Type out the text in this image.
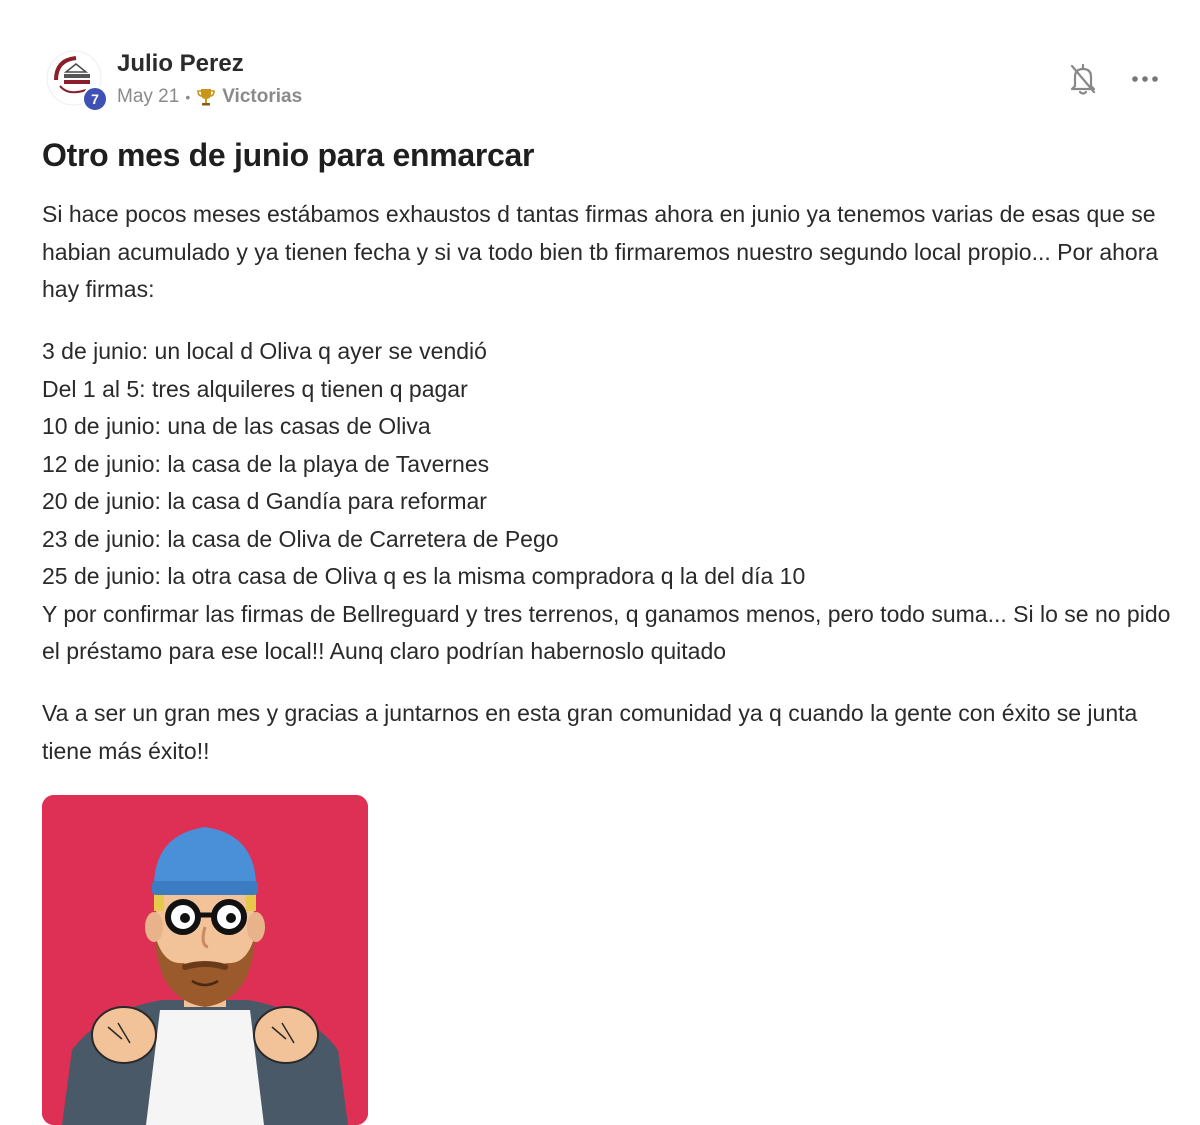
7
Julio Perez
May 21 • Victorias
Otro mes de junio para enmarcar

Si hace pocos meses estábamos exhaustos d tantas firmas ahora en junio ya tenemos varias de esas que se habian acumulado y ya tienen fecha y si va todo bien tb firmaremos nuestro segundo local propio... Por ahora hay firmas:

3 de junio: un local d Oliva q ayer se vendió
Del 1 al 5: tres alquileres q tienen q pagar
10 de junio: una de las casas de Oliva
12 de junio: la casa de la playa de Tavernes
20 de junio: la casa d Gandía para reformar
23 de junio: la casa de Oliva de Carretera de Pego
25 de junio: la otra casa de Oliva q es la misma compradora q la del día 10

Y por confirmar las firmas de Bellreguard y tres terrenos, q ganamos menos, pero todo suma... Si lo se no pido el préstamo para ese local!! Aunq claro podrían habernoslo quitado

Va a ser un gran mes y gracias a juntarnos en esta gran comunidad ya q cuando la gente con éxito se junta tiene más éxito!!
